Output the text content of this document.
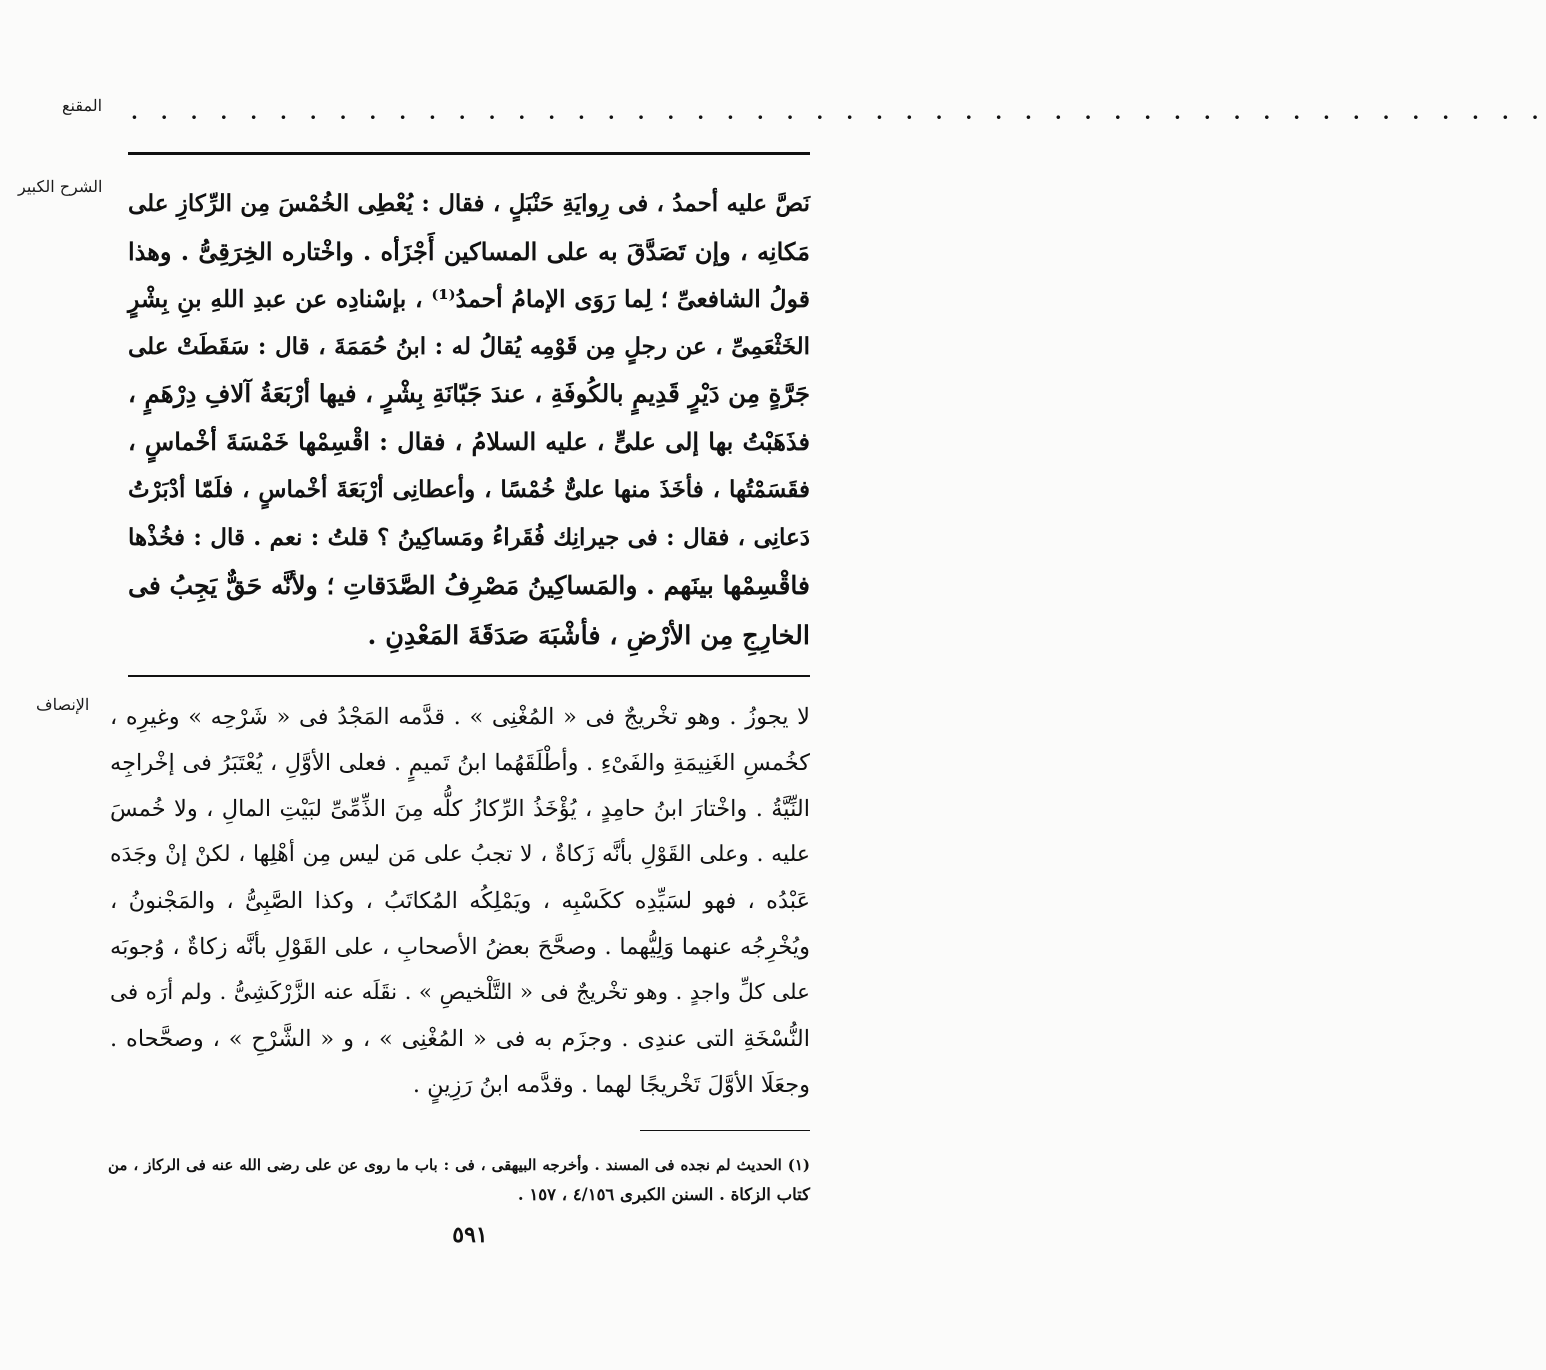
المقنع · · · · · · · · · · · · · · · · · · · · · · · · · · · · · · · · · · · · · · · · · · · · · · · ·
الشرح الكبير
الإنصاف
نَصَّ عليه أحمدُ ، فى رِوايَةِ حَنْبَلٍ ، فقال : يُعْطِى الخُمْسَ مِن الرِّكازِ على
مَكانِه ، وإن تَصَدَّقَ به على المساكين أَجْزَأه . واخْتاره الخِرَقِىُّ . وهذا
قولُ الشافعىِّ ؛ لِما رَوَى الإمامُ أحمدُ⁽¹⁾ ، بإسْنادِه عن عبدِ اللهِ بنِ بِشْرٍ
الخَثْعَمِىِّ ، عن رجلٍ مِن قَوْمِه يُقالُ له : ابنُ حُمَمَةَ ، قال : سَقَطَتْ على
جَرَّةٍ مِن دَيْرٍ قَدِيمٍ بالكُوفَةِ ، عندَ جَبّانَةِ بِشْرٍ ، فيها أرْبَعَةُ آلافِ دِرْهَمٍ ،
فذَهَبْتُ بها إلى علىٍّ ، عليه السلامُ ، فقال : اقْسِمْها خَمْسَةَ أخْماسٍ ،
فقَسَمْتُها ، فأخَذَ منها علىٌّ خُمْسًا ، وأعطانِى أرْبَعَةَ أخْماسٍ ، فلَمّا أدْبَرْتُ
دَعانِى ، فقال : فى جيرانِك فُقَراءُ ومَساكِينُ ؟ قلتُ : نعم . قال : فخُذْها
فاقْسِمْها بينَهم . والمَساكِينُ مَصْرِفُ الصَّدَقاتِ ؛ ولأنَّه حَقٌّ يَجِبُ فى
الخارِجِ مِن الأرْضِ ، فأشْبَهَ صَدَقَةَ المَعْدِنِ .
لا يجوزُ . وهو تخْريجٌ فى « المُغْنِى » . قدَّمه المَجْدُ فى « شَرْحِه » وغيرِه ،
كخُمسِ الغَنِيمَةِ والفَىْءِ . وأطْلَقَهُما ابنُ تَميمٍ . فعلى الأوَّلِ ، يُعْتَبَرُ فى إخْراجِه
النِّيَّةُ . واخْتارَ ابنُ حامِدٍ ، يُؤْخَذُ الرِّكازُ كلُّه مِنَ الذِّمِّىِّ لبَيْتِ المالِ ، ولا خُمسَ
عليه . وعلى القَوْلِ بأنَّه زَكاةٌ ، لا تجبُ على مَن ليس مِن أهْلِها ، لكنْ إنْ وجَدَه
عَبْدُه ، فهو لسَيِّدِه ككَسْبِه ، ويَمْلِكُه المُكاتَبُ ، وكذا الصَّبِىُّ ، والمَجْنونُ ،
ويُخْرِجُه عنهما وَلِيُّهما . وصحَّحَ بعضُ الأصحابِ ، على القَوْلِ بأنَّه زكاةٌ ، وُجوبَه
على كلِّ واجدٍ . وهو تخْريجٌ فى « التَّلْخيصِ » . نقَلَه عنه الزَّرْكَشِىُّ . ولم أرَه فى
النُّسْخَةِ التى عندِى . وجزَم به فى « المُغْنِى » ، و « الشَّرْحِ » ، وصحَّحاه .
وجعَلَا الأوَّلَ تَخْريجًا لهما . وقدَّمه ابنُ رَزِينٍ .
(١) الحديث لم نجده فى المسند . وأخرجه البيهقى ، فى : باب ما روى عن على رضى الله عنه فى الركاز ، من
كتاب الزكاة . السنن الكبرى ٤/١٥٦ ، ١٥٧ .
٥٩١
